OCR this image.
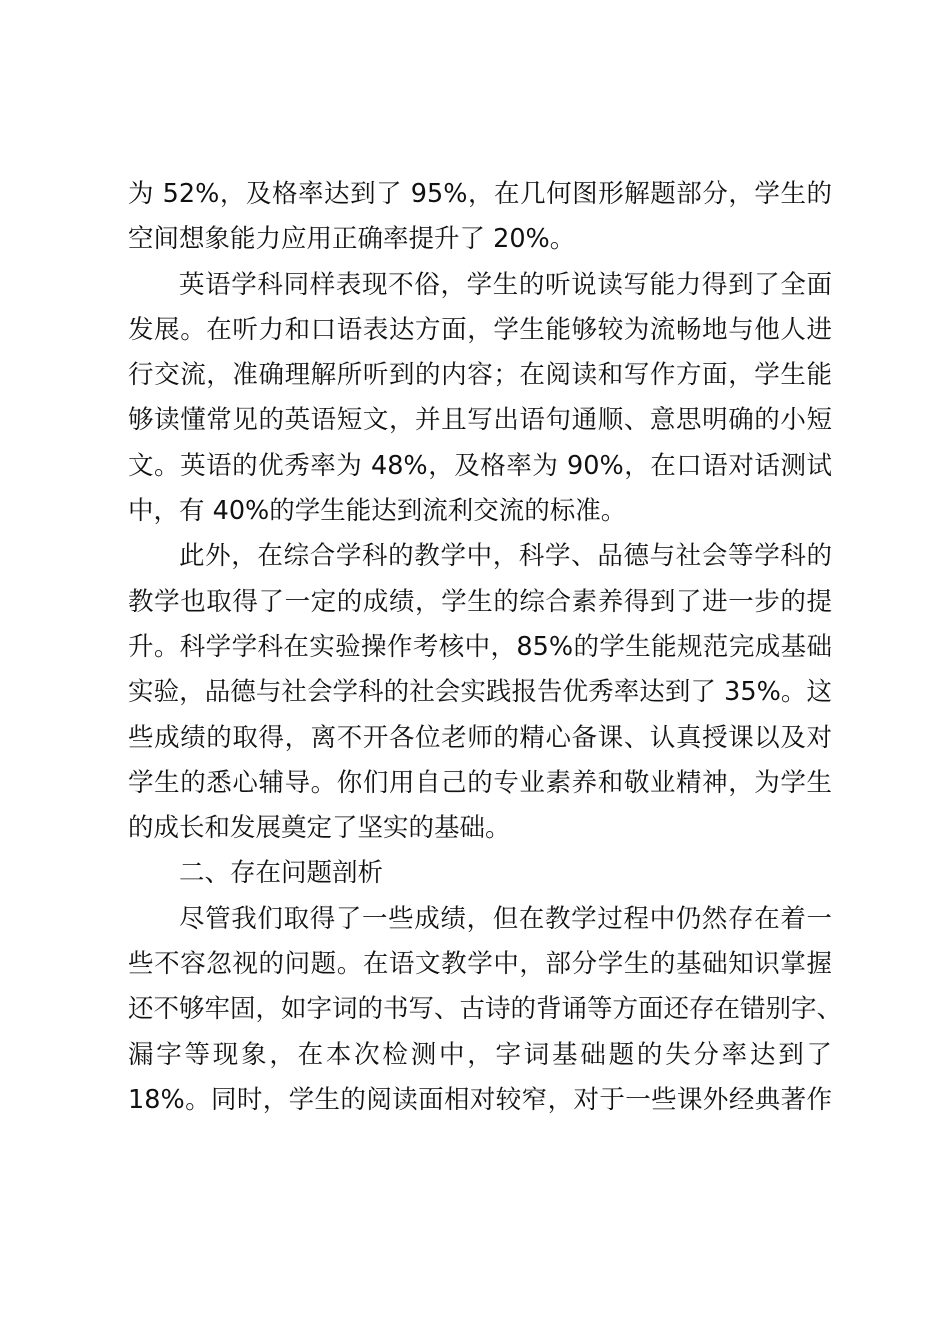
为 52%，及格率达到了 95%，在几何图形解题部分，学生的
空间想象能力应用正确率提升了 20%。
英语学科同样表现不俗，学生的听说读写能力得到了全面
发展。在听力和口语表达方面，学生能够较为流畅地与他人进
行交流，准确理解所听到的内容；在阅读和写作方面，学生能
够读懂常见的英语短文，并且写出语句通顺、意思明确的小短
文。英语的优秀率为 48%，及格率为 90%，在口语对话测试
中，有 40%的学生能达到流利交流的标准。
此外，在综合学科的教学中，科学、品德与社会等学科的
教学也取得了一定的成绩，学生的综合素养得到了进一步的提
升。科学学科在实验操作考核中，85%的学生能规范完成基础
实验，品德与社会学科的社会实践报告优秀率达到了 35%。这
些成绩的取得，离不开各位老师的精心备课、认真授课以及对
学生的悉心辅导。你们用自己的专业素养和敬业精神，为学生
的成长和发展奠定了坚实的基础。
二、存在问题剖析
尽管我们取得了一些成绩，但在教学过程中仍然存在着一
些不容忽视的问题。在语文教学中，部分学生的基础知识掌握
还不够牢固，如字词的书写、古诗的背诵等方面还存在错别字、
漏字等现象，在本次检测中，字词基础题的失分率达到了
18%。同时，学生的阅读面相对较窄，对于一些课外经典著作
